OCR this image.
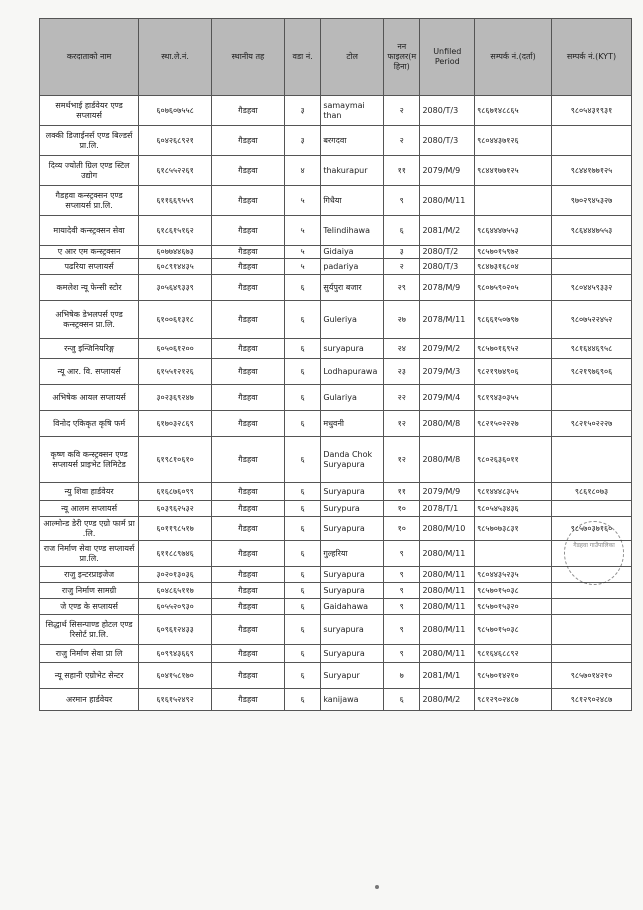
करदाताको नाम	स्था.ले.नं.	स्थानीय तह	वडा नं.	टोल	नन फाइलर(म हिना)	Unfiled Period	सम्पर्क नं.(दर्ता)	सम्पर्क नं.(KYT)
समर्थभाई हार्डवेयर एण्ड सप्लायर्स	६०७६०७५५८	गैडहवा	३	samaymai than	२	2080/T/3	९८६७१४८८६५	९८०५४३१९३१
लक्की डिजाईनर्स एण्ड बिल्डर्स प्रा.लि.	६०४२६८९२१	गैडहवा	३	बरगदवा	२	2080/T/3	९८०४४३७१२६	
दिव्य ज्योती ग्रिल एण्ड स्टिल उद्योग	६१८५५२२६१	गैडहवा	४	thakurapur	११	2079/M/9	९८४४१७७१२५	९८४४१७७१२५
गैडहवा कन्स्ट्रक्सन एण्ड सप्लायर्स प्रा.लि.	६११६६९५५९	गैडहवा	५	गिधैया	९	2080/M/11		९७०२९४५३२७
मायादेवी कन्स्ट्रक्सन सेवा	६१८६१५१६२	गैडहवा	५	Telindihawa	६	2081/M/2	९८६४४४७५५३	९८६४४४७५५३
ए आर एम कन्स्ट्रक्सन	६०७७४४६७३	गैडहवा	५	Gidaiya	३	2080/T/2	९८५७०१५९७२	
पढरिया सप्लायर्स	६०८९१४४३५	गैडहवा	५	padariya	२	2080/T/3	९८४७३१६८०४	
कमलेश न्यू फेन्सी स्टोर	३०५६४९३३९	गैडहवा	६	सुर्यपुरा बजार	२९	2078/M/9	९८०७५९०२०५	९८०४४५९३३२
अभिषेक डेभलपर्स एण्ड कन्स्ट्रक्सन प्रा.लि.	६१००६१३१८	गैडहवा	६	Guleriya	२७	2078/M/11	९८६६१५०७९७	९८०७५२२४५२
रन्जु इन्जिनियरिङ्ग	६०५०६१२००	गैडहवा	६	suryapura	२४	2079/M/2	९८५७०१६९५२	९८१६४४६९५८
न्यू आर. वि. सप्लायर्स	६१५५१२१२६	गैडहवा	६	Lodhapurawa	२३	2079/M/3	९८२१९७४९०६	९८२१९७६९०६
अभिषेक आयल सप्लायर्स	३०२३६९२४७	गैडहवा	६	Gulariya	२२	2079/M/4	९८१९४३०३५५	
विनोद एकिकृत कृषि फर्म	६१७०३२८६९	गैडहवा	६	मधुवनी	१२	2080/M/8	९८२१५०२२२७	९८२१५०२२२७
कृष्ण कवि कन्स्ट्रक्सन एण्ड सप्लायर्स प्राइभेट लिमिटेड	६१९८१०६१०	गैडहवा	६	Danda Chok Suryapura	१२	2080/M/8	९८०२६३६०११	
न्यु शिवा हार्डवेयर	६१६८७६०९९	गैडहवा	६	Suryapura	११	2079/M/9	९८१४४४८३५५	९८६१८०७३
न्यू आलम सप्लायर्स	६०३९६२५३२	गैडहवा	६	Surypura	१०	2078/T/1	९८०५४५३४३६	
आल्मोन्ड डेरी एण्ड एग्रो फार्म प्रा .लि.	६०११९८५१७	गैडहवा	६	Suryapura	१०	2080/M/10	९८५७०७३८३१	९८५७०३७१६०
राज निर्माण सेवा एण्ड सप्लायर्स प्रा.लि.	६११८८९७४६	गैडहवा	६	गुल्हरिया	९	2080/M/11		
राजु इन्टरप्राइजेज	३०२०१३०३६	गैडहवा	६	Suryapura	९	2080/M/11	९८०४४३५२३५	
राजु निर्माण सामग्री	६०४८६५११७	गैडहवा	६	Suryapura	९	2080/M/11	९८५७०१५०३८	
जे एण्ड के सप्लायर्स	६०५५२०९३०	गैडहवा	६	Gaidahawa	९	2080/M/11	९८५७०१५३२०	
सिद्धार्थ सिसन्पाण्ड होटल एण्ड रिसोर्ट प्रा.लि.	६०९६१२४३३	गैडहवा	६	suryapura	९	2080/M/11	९८५७०१५०३८	
राजु निर्माण सेवा प्रा लि	६०९९४३६६९	गैडहवा	६	Suryapura	९	2080/M/11	९८१६४६८८९२	
न्यू सहानी एग्रोभेट सेन्टर	६०४१५८१७०	गैडहवा	६	Suryapur	७	2081/M/1	९८५७०१४२१०	९८५७०१४२१०
अरमान हार्डवेयर	६१६१५२४९२	गैडहवा	६	kanijawa	६	2080/M/2	९८१२९०२४८७	९८१२९०२४८७
गैडहवा गाउँपालिका
